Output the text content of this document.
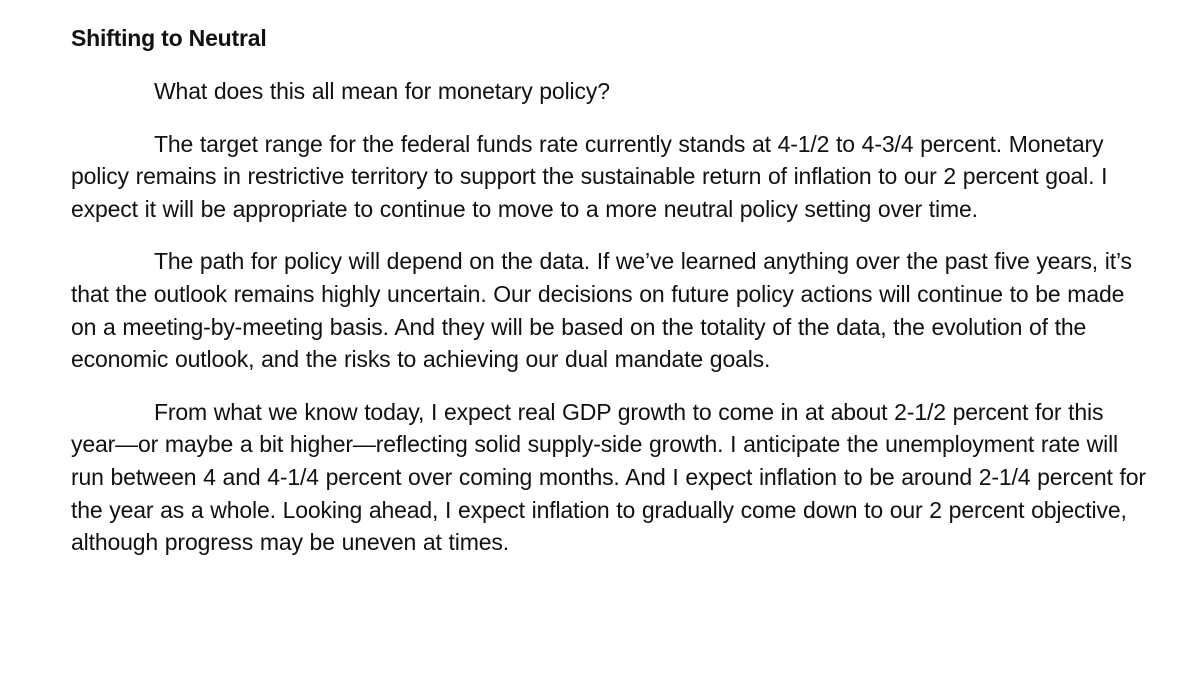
Shifting to Neutral

What does this all mean for monetary policy?

The target range for the federal funds rate currently stands at 4-1/2 to 4-3/4 percent. Monetary policy remains in restrictive territory to support the sustainable return of inflation to our 2 percent goal. I expect it will be appropriate to continue to move to a more neutral policy setting over time.

The path for policy will depend on the data. If we’ve learned anything over the past five years, it’s that the outlook remains highly uncertain. Our decisions on future policy actions will continue to be made on a meeting-by-meeting basis. And they will be based on the totality of the data, the evolution of the economic outlook, and the risks to achieving our dual mandate goals.

From what we know today, I expect real GDP growth to come in at about 2-1/2 percent for this year—or maybe a bit higher—reflecting solid supply-side growth. I anticipate the unemployment rate will run between 4 and 4-1/4 percent over coming months. And I expect inflation to be around 2-1/4 percent for the year as a whole. Looking ahead, I expect inflation to gradually come down to our 2 percent objective, although progress may be uneven at times.
